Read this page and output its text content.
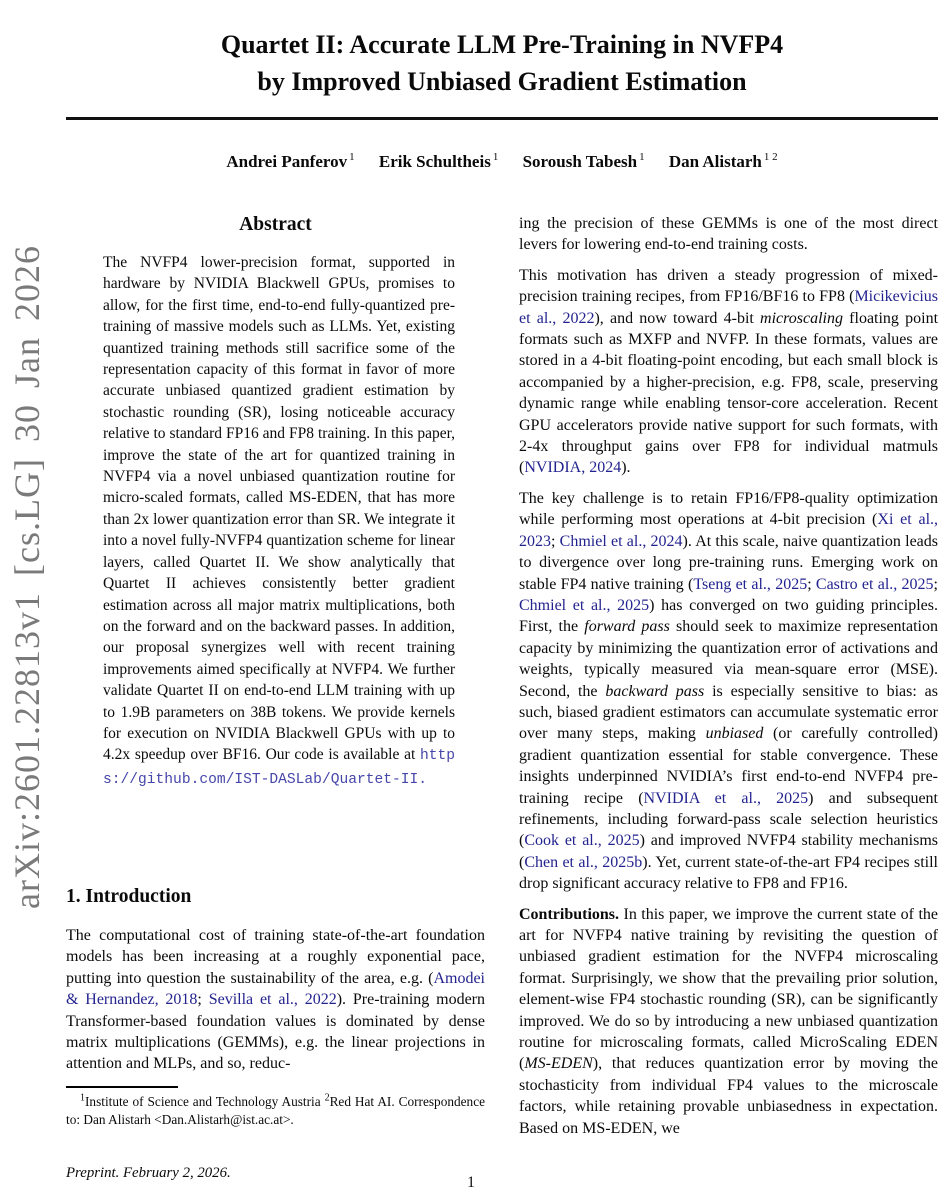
arXiv:2601.22813v1 [cs.LG] 30 Jan 2026
Quartet II: Accurate LLM Pre-Training in NVFP4
by Improved Unbiased Gradient Estimation
Andrei Panferov $^1$ Erik Schultheis $^1$ Soroush Tabesh $^1$ Dan Alistarh $^{1 2}$
Abstract
The NVFP4 lower-precision format, supported in hardware by NVIDIA Blackwell GPUs, promises to allow, for the first time, end-to-end fully-quantized pre-training of massive models such as LLMs. Yet, existing quantized training methods still sacrifice some of the representation capacity of this format in favor of more accurate unbiased quantized gradient estimation by stochastic rounding (SR), losing noticeable accuracy relative to standard FP16 and FP8 training. In this paper, improve the state of the art for quantized training in NVFP4 via a novel unbiased quantization routine for micro-scaled formats, called MS-EDEN, that has more than 2x lower quantization error than SR. We integrate it into a novel fully-NVFP4 quantization scheme for linear layers, called Quartet II. We show analytically that Quartet II achieves consistently better gradient estimation across all major matrix multiplications, both on the forward and on the backward passes. In addition, our proposal synergizes well with recent training improvements aimed specifically at NVFP4. We further validate Quartet II on end-to-end LLM training with up to 1.9B parameters on 38B tokens. We provide kernels for execution on NVIDIA Blackwell GPUs with up to 4.2x speedup over BF16. Our code is available at https://github.com/IST-DASLab/Quartet-II.
1. Introduction
The computational cost of training state-of-the-art foundation models has been increasing at a roughly exponential pace, putting into question the sustainability of the area, e.g. (Amodei & Hernandez, 2018; Sevilla et al., 2022). Pre-training modern Transformer-based foundation values is dominated by dense matrix multiplications (GEMMs), e.g. the linear projections in attention and MLPs, and so, reduc-
$^1$Institute of Science and Technology Austria $^2$Red Hat AI. Correspondence to: Dan Alistarh <Dan.Alistarh@ist.ac.at>.
Preprint. February 2, 2026.
ing the precision of these GEMMs is one of the most direct levers for lowering end-to-end training costs.
This motivation has driven a steady progression of mixed-precision training recipes, from FP16/BF16 to FP8 (Micikevicius et al., 2022), and now toward 4-bit microscaling floating point formats such as MXFP and NVFP. In these formats, values are stored in a 4-bit floating-point encoding, but each small block is accompanied by a higher-precision, e.g. FP8, scale, preserving dynamic range while enabling tensor-core acceleration. Recent GPU accelerators provide native support for such formats, with 2-4x throughput gains over FP8 for individual matmuls (NVIDIA, 2024).
The key challenge is to retain FP16/FP8-quality optimization while performing most operations at 4-bit precision (Xi et al., 2023; Chmiel et al., 2024). At this scale, naive quantization leads to divergence over long pre-training runs. Emerging work on stable FP4 native training (Tseng et al., 2025; Castro et al., 2025; Chmiel et al., 2025) has converged on two guiding principles. First, the forward pass should seek to maximize representation capacity by minimizing the quantization error of activations and weights, typically measured via mean-square error (MSE). Second, the backward pass is especially sensitive to bias: as such, biased gradient estimators can accumulate systematic error over many steps, making unbiased (or carefully controlled) gradient quantization essential for stable convergence. These insights underpinned NVIDIA’s first end-to-end NVFP4 pre-training recipe (NVIDIA et al., 2025) and subsequent refinements, including forward-pass scale selection heuristics (Cook et al., 2025) and improved NVFP4 stability mechanisms (Chen et al., 2025b). Yet, current state-of-the-art FP4 recipes still drop significant accuracy relative to FP8 and FP16.
Contributions. In this paper, we improve the current state of the art for NVFP4 native training by revisiting the question of unbiased gradient estimation for the NVFP4 microscaling format. Surprisingly, we show that the prevailing prior solution, element-wise FP4 stochastic rounding (SR), can be significantly improved. We do so by introducing a new unbiased quantization routine for microscaling formats, called MicroScaling EDEN (MS-EDEN), that reduces quantization error by moving the stochasticity from individual FP4 values to the microscale factors, while retaining provable unbiasedness in expectation. Based on MS-EDEN, we
1
